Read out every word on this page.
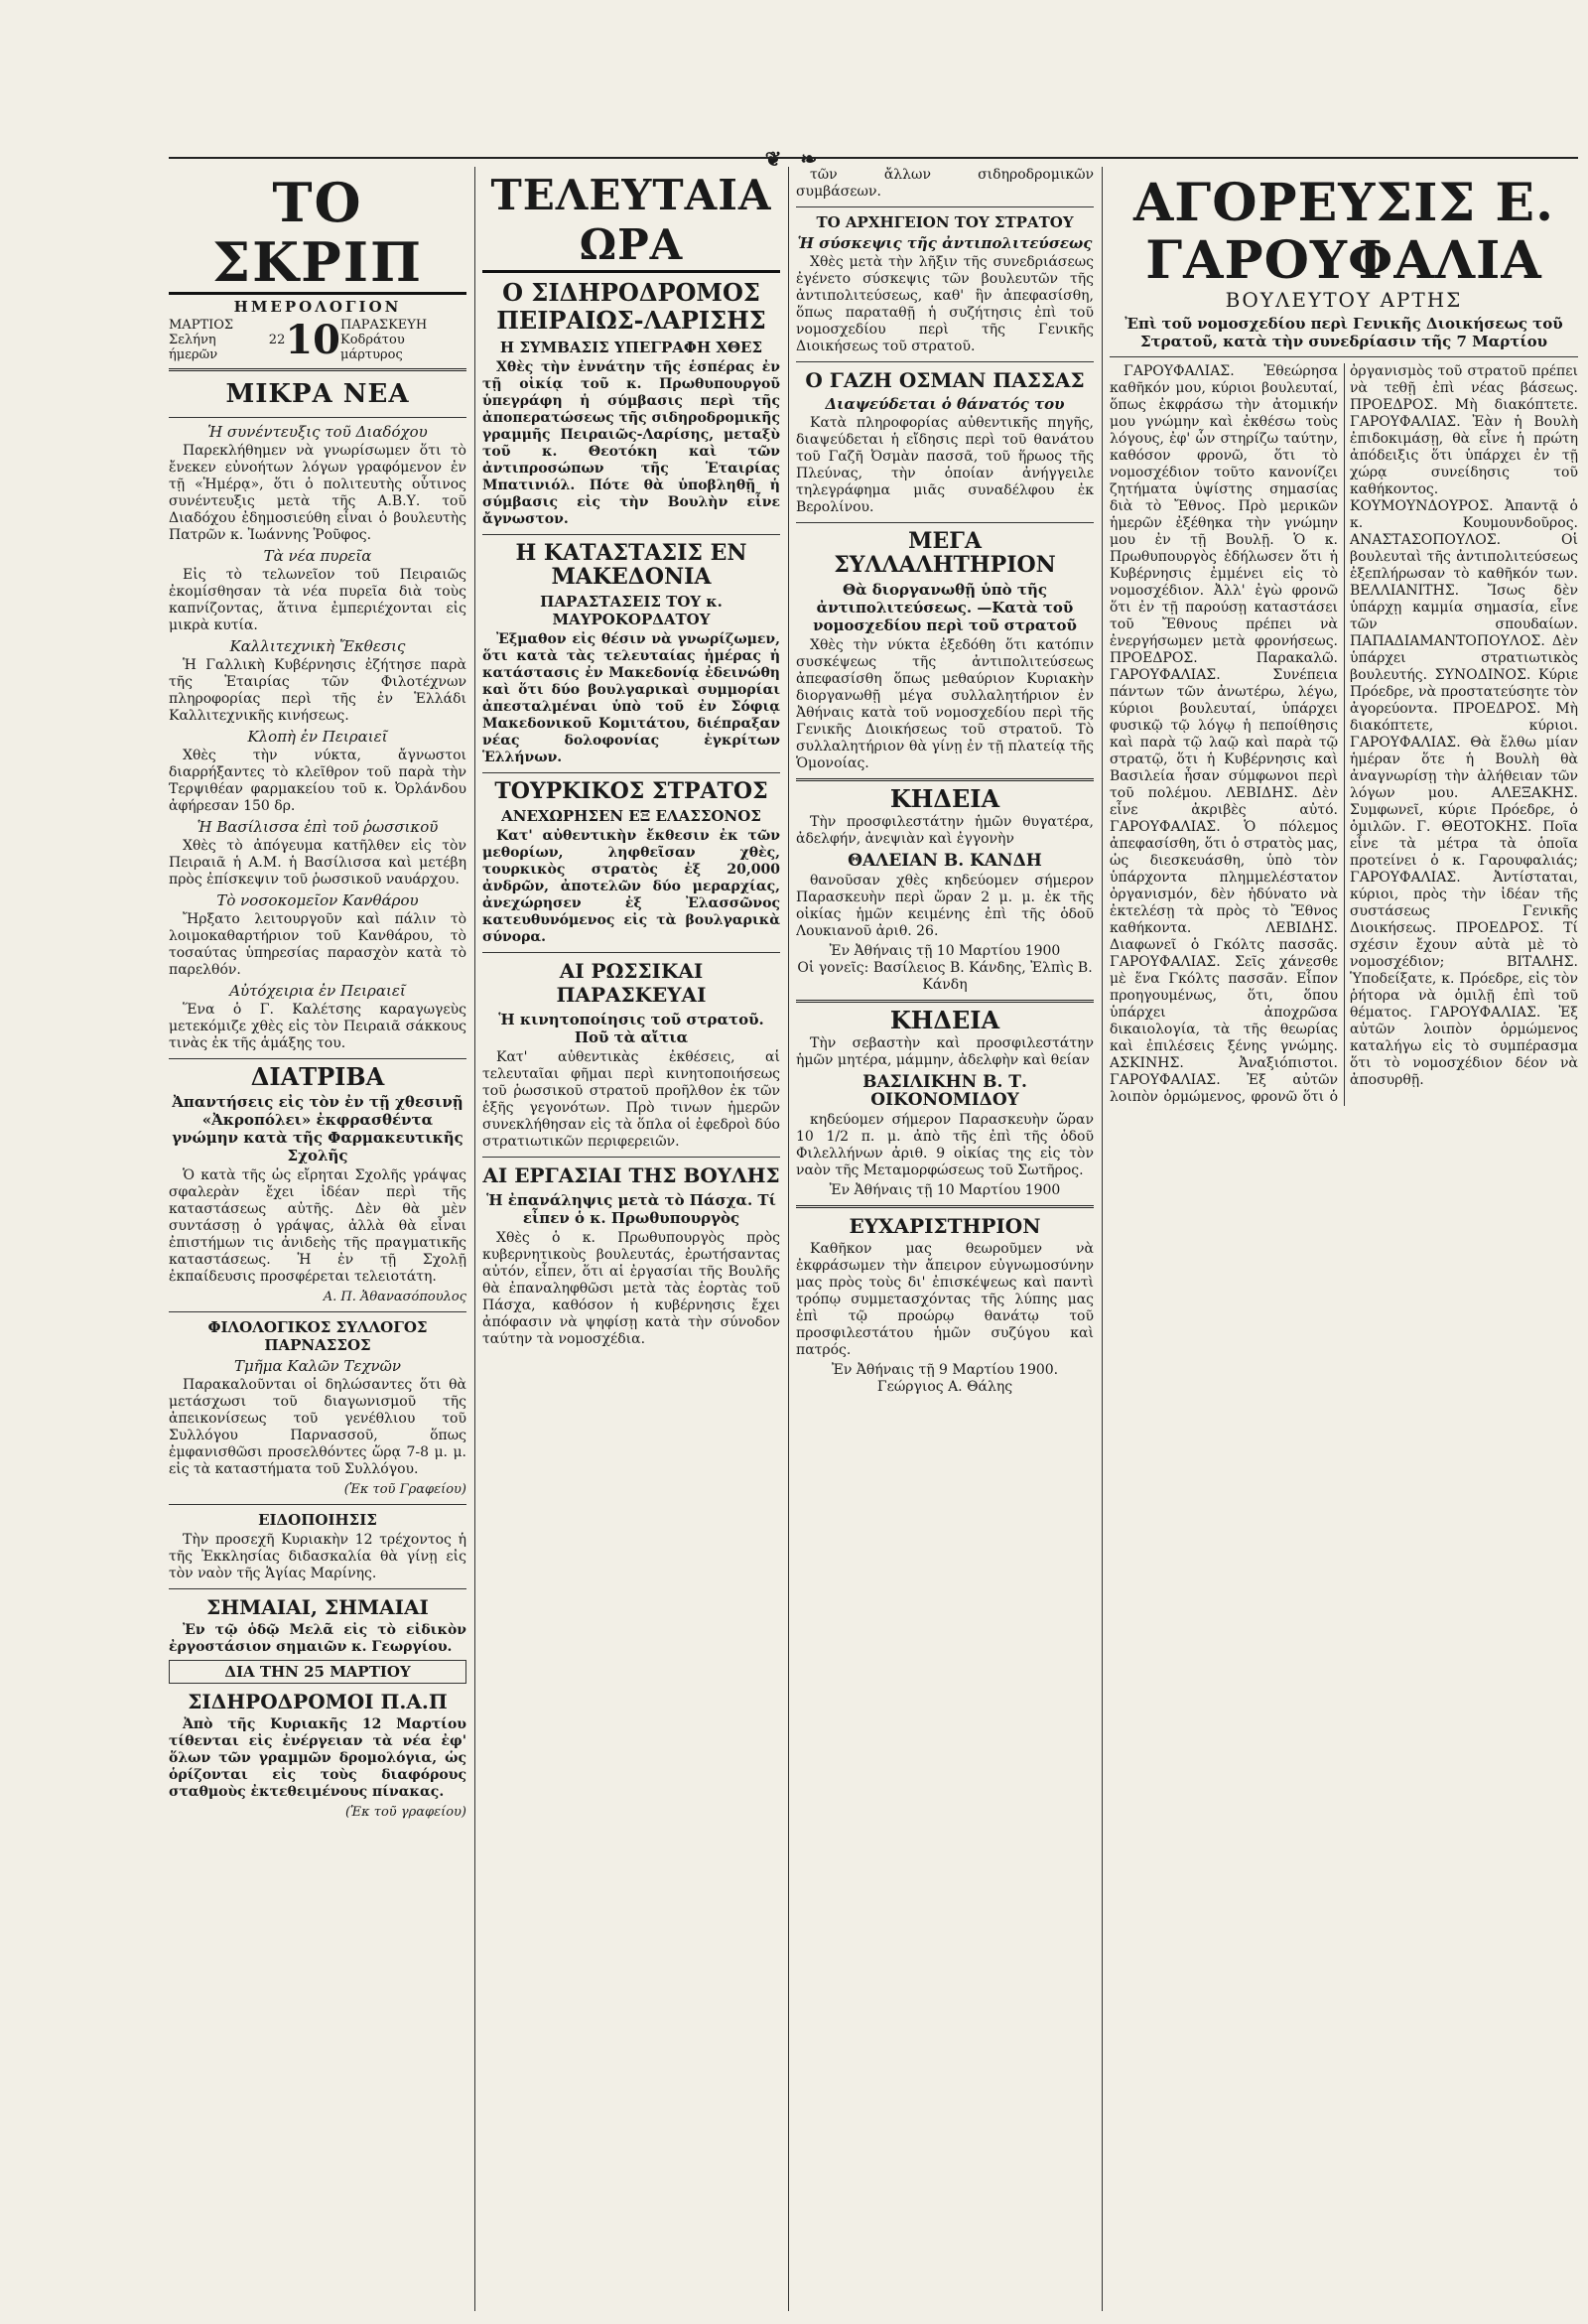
❦ ❧
ΤΟ ΣΚΡΙΠ
ΗΜΕΡΟΛΟΓΙΟΝ
ΜΑΡΤΙΟΣ
Σελήνη 22 ήμερῶν	10 ΠΑΡΑΣΚΕΥΗ
Κοδράτου μάρτυρος
ΜΙΚΡΑ ΝΕΑ
Ἡ συνέντευξις τοῦ Διαδόχου

Παρεκλήθημεν νὰ γνωρίσωμεν ὅτι τὸ ἔνεκεν εὐνοήτων λόγων γραφόμενον ἐν τῇ «Ἡμέρᾳ», ὅτι ὁ πολιτευτὴς οὗτινος συνέντευξις μετὰ τῆς Α.Β.Υ. τοῦ Διαδόχου ἐδημοσιεύθη εἶναι ὁ βουλευτὴς Πατρῶν κ. Ἰωάννης Ῥοῦφος.

Τὰ νέα πυρεῖα

Εἰς τὸ τελωνεῖον τοῦ Πειραιῶς ἐκομίσθησαν τὰ νέα πυρεῖα διὰ τοὺς καπνίζοντας, ἅτινα ἐμπεριέχονται εἰς μικρὰ κυτία.

Καλλιτεχνικὴ Ἔκθεσις

Ἡ Γαλλικὴ Κυβέρνησις ἐζήτησε παρὰ τῆς Ἑταιρίας τῶν Φιλοτέχνων πληροφορίας περὶ τῆς ἐν Ἑλλάδι Καλλιτεχνικῆς κινήσεως.

Κλοπὴ ἐν Πειραιεῖ

Χθὲς τὴν νύκτα, ἄγνωστοι διαρρήξαντες τὸ κλεῖθρον τοῦ παρὰ τὴν Τερψιθέαν φαρμακείου τοῦ κ. Ὀρλάνδου ἀφήρεσαν 150 δρ.

Ἡ Βασίλισσα ἐπὶ τοῦ ῥωσσικοῦ

Χθὲς τὸ ἀπόγευμα κατῆλθεν εἰς τὸν Πειραιᾶ ἡ Α.Μ. ἡ Βασίλισσα καὶ μετέβη πρὸς ἐπίσκεψιν τοῦ ῥωσσικοῦ ναυάρχου.

Τὸ νοσοκομεῖον Κανθάρου

Ἤρξατο λειτουργοῦν καὶ πάλιν τὸ λοιμοκαθαρτήριον τοῦ Κανθάρου, τὸ τοσαύτας ὑπηρεσίας παρασχὸν κατὰ τὸ παρελθόν.

Αὐτόχειρια ἐν Πειραιεῖ

Ἕνα ὁ Γ. Καλέτσης καραγωγεὺς μετεκόμιζε χθὲς εἰς τὸν Πειραιᾶ σάκκους τινὰς ἐκ τῆς ἁμάξης του.

ΔΙΑΤΡΙΒΑ
Ἀπαντήσεις εἰς τὸν ἐν τῇ χθεσινῇ «Ἀκροπόλει» ἐκφρασθέντα γνώμην κατὰ τῆς Φαρμακευτικῆς Σχολῆς

Ὁ κατὰ τῆς ὡς εἴρηται Σχολῆς γράψας σφαλερὰν ἔχει ἰδέαν περὶ τῆς καταστάσεως αὐτῆς. Δὲν θὰ μὲν συντάσσῃ ὁ γράψας, ἀλλὰ θὰ εἶναι ἐπιστήμων τις ἀνιδεὴς τῆς πραγματικῆς καταστάσεως. Ἡ ἐν τῇ Σχολῇ ἐκπαίδευσις προσφέρεται τελειοτάτη.

Α. Π. Ἀθανασόπουλος
ΦΙΛΟΛΟΓΙΚΟΣ ΣΥΛΛΟΓΟΣ ΠΑΡΝΑΣΣΟΣ
Τμῆμα Καλῶν Τεχνῶν

Παρακαλοῦνται οἱ δηλώσαντες ὅτι θὰ μετάσχωσι τοῦ διαγωνισμοῦ τῆς ἀπεικονίσεως τοῦ γενέθλιου τοῦ Συλλόγου Παρνασσοῦ, ὅπως ἐμφανισθῶσι προσελθόντες ὥρᾳ 7-8 μ. μ. εἰς τὰ καταστήματα τοῦ Συλλόγου.

(Ἐκ τοῦ Γραφείου)
ΕΙΔΟΠΟΙΗΣΙΣ

Τὴν προσεχῆ Κυριακὴν 12 τρέχοντος ἡ τῆς Ἐκκλησίας διδασκαλία θὰ γίνῃ εἰς τὸν ναὸν τῆς Ἁγίας Μαρίνης.

ΣΗΜΑΙΑΙ, ΣΗΜΑΙΑΙ

Ἐν τῷ ὁδῷ Μελᾶ εἰς τὸ εἰδικὸν ἐργοστάσιον σημαιῶν κ. Γεωργίου.

ΔΙΑ ΤΗΝ 25 ΜΑΡΤΙΟΥ
ΣΙΔΗΡΟΔΡΟΜΟΙ Π.Α.Π

Ἀπὸ τῆς Κυριακῆς 12 Μαρτίου τίθενται εἰς ἐνέργειαν τὰ νέα ἐφ' ὅλων τῶν γραμμῶν δρομολόγια, ὡς ὁρίζονται εἰς τοὺς διαφόρους σταθμοὺς ἐκτεθειμένους πίνακας.

(Ἐκ τοῦ γραφείου)
ΤΕΛΕΥΤΑΙΑ ΩΡΑ
Ο ΣΙΔΗΡΟΔΡΟΜΟΣ ΠΕΙΡΑΙΩΣ-ΛΑΡΙΣΗΣ
Η ΣΥΜΒΑΣΙΣ ΥΠΕΓΡΑΦΗ ΧΘΕΣ

Χθὲς τὴν ἐννάτην τῆς ἑσπέρας ἐν τῇ οἰκίᾳ τοῦ κ. Πρωθυπουργοῦ ὑπεγράφη ἡ σύμβασις περὶ τῆς ἀποπερατώσεως τῆς σιδηροδρομικῆς γραμμῆς Πειραιῶς-Λαρίσης, μεταξὺ τοῦ κ. Θεοτόκη καὶ τῶν ἀντιπροσώπων τῆς Ἑταιρίας Μπατινιόλ. Πότε θὰ ὑποβληθῇ ἡ σύμβασις εἰς τὴν Βουλὴν εἶνε ἄγνωστον.

Η ΚΑΤΑΣΤΑΣΙΣ ΕΝ ΜΑΚΕΔΟΝΙΑ
ΠΑΡΑΣΤΑΣΕΙΣ ΤΟΥ κ. ΜΑΥΡΟΚΟΡΔΑΤΟΥ

Ἐξμαθον εἰς θέσιν νὰ γνωρίζωμεν, ὅτι κατὰ τὰς τελευταίας ἡμέρας ἡ κατάστασις ἐν Μακεδονίᾳ ἐδεινώθη καὶ ὅτι δύο βουλγαρικαὶ συμμορίαι ἀπεσταλμέναι ὑπὸ τοῦ ἐν Σόφιᾳ Μακεδονικοῦ Κομιτάτου, διέπραξαν νέας δολοφονίας ἐγκρίτων Ἑλλήνων.

ΤΟΥΡΚΙΚΟΣ ΣΤΡΑΤΟΣ
ΑΝΕΧΩΡΗΣΕΝ ΕΞ ΕΛΑΣΣΟΝΟΣ

Κατ' αὐθεντικὴν ἔκθεσιν ἐκ τῶν μεθορίων, ληφθεῖσαν χθὲς, τουρκικὸς στρατὸς ἐξ 20,000 ἀνδρῶν, ἀποτελῶν δύο μεραρχίας, ἀνεχώρησεν ἐξ Ἐλασσῶνος κατευθυνόμενος εἰς τὰ βουλγαρικὰ σύνορα.

ΑΙ ΡΩΣΣΙΚΑΙ ΠΑΡΑΣΚΕΥΑΙ
Ἡ κινητοποίησις τοῦ στρατοῦ. Ποῦ τὰ αἴτια

Κατ' αὐθεντικὰς ἐκθέσεις, αἱ τελευταῖαι φῆμαι περὶ κινητοποιήσεως τοῦ ῥωσσικοῦ στρατοῦ προῆλθον ἐκ τῶν ἑξῆς γεγονότων. Πρὸ τινων ἡμερῶν συνεκλήθησαν εἰς τὰ ὅπλα οἱ ἐφεδροὶ δύο στρατιωτικῶν περιφερειῶν.

ΑΙ ΕΡΓΑΣΙΑΙ ΤΗΣ ΒΟΥΛΗΣ
Ἡ ἐπανάληψις μετὰ τὸ Πάσχα. Τί εἶπεν ὁ κ. Πρωθυπουργὸς

Χθὲς ὁ κ. Πρωθυπουργὸς πρὸς κυβερνητικοὺς βουλευτάς, ἐρωτήσαντας αὐτόν, εἶπεν, ὅτι αἱ ἐργασίαι τῆς Βουλῆς θὰ ἐπαναληφθῶσι μετὰ τὰς ἑορτὰς τοῦ Πάσχα, καθόσον ἡ κυβέρνησις ἔχει ἀπόφασιν νὰ ψηφίσῃ κατὰ τὴν σύνοδον ταύτην τὰ νομοσχέδια.

τῶν ἄλλων σιδηροδρομικῶν συμβάσεων.

ΤΟ ΑΡΧΗΓΕΙΟΝ ΤΟΥ ΣΤΡΑΤΟΥ
Ἡ σύσκεψις τῆς ἀντιπολιτεύσεως

Χθὲς μετὰ τὴν λῆξιν τῆς συνεδριάσεως ἐγένετο σύσκεψις τῶν βουλευτῶν τῆς ἀντιπολιτεύσεως, καθ' ἣν ἀπεφασίσθη, ὅπως παραταθῇ ἡ συζήτησις ἐπὶ τοῦ νομοσχεδίου περὶ τῆς Γενικῆς Διοικήσεως τοῦ στρατοῦ.

Ο ΓΑΖΗ ΟΣΜΑΝ ΠΑΣΣΑΣ
Διαψεύδεται ὁ θάνατός του

Κατὰ πληροφορίας αὐθεντικῆς πηγῆς, διαψεύδεται ἡ εἴδησις περὶ τοῦ θανάτου τοῦ Γαζῆ Ὀσμὰν πασσᾶ, τοῦ ἥρωος τῆς Πλεύνας, τὴν ὁποίαν ἀνήγγειλε τηλεγράφημα μιᾶς συναδέλφου ἐκ Βερολίνου.

ΜΕΓΑ ΣΥΛΛΑΛΗΤΗΡΙΟΝ
Θὰ διοργανωθῇ ὑπὸ τῆς ἀντιπολιτεύσεως. —Κατὰ τοῦ νομοσχεδίου περὶ τοῦ στρατοῦ

Χθὲς τὴν νύκτα ἐξεδόθη ὅτι κατόπιν συσκέψεως τῆς ἀντιπολιτεύσεως ἀπεφασίσθη ὅπως μεθαύριον Κυριακὴν διοργανωθῇ μέγα συλλαλητήριον ἐν Ἀθήναις κατὰ τοῦ νομοσχεδίου περὶ τῆς Γενικῆς Διοικήσεως τοῦ στρατοῦ. Τὸ συλλαλητήριον θὰ γίνῃ ἐν τῇ πλατείᾳ τῆς Ὁμονοίας.

ΚΗΔΕΙΑ

Τὴν προσφιλεστάτην ἡμῶν θυγατέρα, ἀδελφήν, ἀνεψιὰν καὶ ἐγγονὴν

ΘΑΛΕΙΑΝ Β. ΚΑΝΔΗ

θανοῦσαν χθὲς κηδεύομεν σήμερον Παρασκευὴν περὶ ὥραν 2 μ. μ. ἐκ τῆς οἰκίας ἡμῶν κειμένης ἐπὶ τῆς ὁδοῦ Λουκιανοῦ ἀριθ. 26.

Ἐν Ἀθήναις τῇ 10 Μαρτίου 1900
Οἱ γονεῖς: Βασίλειος Β. Κάνδης, Ἐλπὶς Β. Κάνδη
ΚΗΔΕΙΑ

Τὴν σεβαστὴν καὶ προσφιλεστάτην ἡμῶν μητέρα, μάμμην, ἀδελφὴν καὶ θείαν

ΒΑΣΙΛΙΚΗΝ Β. Τ. ΟΙΚΟΝΟΜΙΔΟΥ

κηδεύομεν σήμερον Παρασκευὴν ὥραν 10 1/2 π. μ. ἀπὸ τῆς ἐπὶ τῆς ὁδοῦ Φιλελλήνων ἀριθ. 9 οἰκίας της εἰς τὸν ναὸν τῆς Μεταμορφώσεως τοῦ Σωτῆρος.

Ἐν Ἀθήναις τῇ 10 Μαρτίου 1900
ΕΥΧΑΡΙΣΤΗΡΙΟΝ

Καθῆκον μας θεωροῦμεν νὰ ἐκφράσωμεν τὴν ἄπειρον εὐγνωμοσύνην μας πρὸς τοὺς δι' ἐπισκέψεως καὶ παντὶ τρόπῳ συμμετασχόντας τῆς λύπης μας ἐπὶ τῷ προώρῳ θανάτῳ τοῦ προσφιλεστάτου ἡμῶν συζύγου καὶ πατρός.

Ἐν Ἀθήναις τῇ 9 Μαρτίου 1900.
Γεώργιος Α. Θάλης
ΑΓΟΡΕΥΣΙΣ Ε. ΓΑΡΟΥΦΑΛΙΑ
ΒΟΥΛΕΥΤΟΥ ΑΡΤΗΣ
Ἐπὶ τοῦ νομοσχεδίου περὶ Γενικῆς Διοικήσεως τοῦ Στρατοῦ, κατὰ τὴν συνεδρίασιν τῆς 7 Μαρτίου

ΓΑΡΟΥΦΑΛΙΑΣ. Ἐθεώρησα καθῆκόν μου, κύριοι βουλευταί, ὅπως ἐκφράσω τὴν ἀτομικήν μου γνώμην καὶ ἐκθέσω τοὺς λόγους, ἐφ' ὧν στηρίζω ταύτην, καθόσον φρονῶ, ὅτι τὸ νομοσχέδιον τοῦτο κανονίζει ζητήματα ὑψίστης σημασίας διὰ τὸ Ἔθνος. Πρὸ μερικῶν ἡμερῶν ἐξέθηκα τὴν γνώμην μου ἐν τῇ Βουλῇ. Ὁ κ. Πρωθυπουργὸς ἐδήλωσεν ὅτι ἡ Κυβέρνησις ἐμμένει εἰς τὸ νομοσχέδιον. Ἀλλ' ἐγὼ φρονῶ ὅτι ἐν τῇ παρούσῃ καταστάσει τοῦ Ἔθνους πρέπει νὰ ἐνεργήσωμεν μετὰ φρονήσεως. ΠΡΟΕΔΡΟΣ. Παρακαλῶ. ΓΑΡΟΥΦΑΛΙΑΣ. Συνέπεια πάντων τῶν ἀνωτέρω, λέγω, κύριοι βουλευταί, ὑπάρχει φυσικῷ τῷ λόγῳ ἡ πεποίθησις καὶ παρὰ τῷ λαῷ καὶ παρὰ τῷ στρατῷ, ὅτι ἡ Κυβέρνησις καὶ Βασιλεία ἦσαν σύμφωνοι περὶ τοῦ πολέμου. ΛΕΒΙΔΗΣ. Δὲν εἶνε ἀκριβὲς αὐτό. ΓΑΡΟΥΦΑΛΙΑΣ. Ὁ πόλεμος ἀπεφασίσθη, ὅτι ὁ στρατὸς μας, ὡς διεσκευάσθη, ὑπὸ τὸν ὑπάρχοντα πλημμελέστατον ὀργανισμόν, δὲν ἠδύνατο νὰ ἐκτελέσῃ τὰ πρὸς τὸ Ἔθνος καθήκοντα. ΛΕΒΙΔΗΣ. Διαφωνεῖ ὁ Γκόλτς πασσᾶς. ΓΑΡΟΥΦΑΛΙΑΣ. Σεῖς χάνεσθε μὲ ἕνα Γκόλτς πασσᾶν. Εἶπον προηγουμένως, ὅτι, ὅπου ὑπάρχει ἀποχρῶσα δικαιολογία, τὰ τῆς θεωρίας καὶ ἐπιλέσεις ξένης γνώμης. ΑΣΚΙΝΗΣ. Ἀναξιόπιστοι. ΓΑΡΟΥΦΑΛΙΑΣ. Ἐξ αὐτῶν λοιπὸν ὁρμώμενος, φρονῶ ὅτι ὁ ὀργανισμὸς τοῦ στρατοῦ πρέπει νὰ τεθῇ ἐπὶ νέας βάσεως. ΠΡΟΕΔΡΟΣ. Μὴ διακόπτετε. ΓΑΡΟΥΦΑΛΙΑΣ. Ἐὰν ἡ Βουλὴ ἐπιδοκιμάσῃ, θὰ εἶνε ἡ πρώτη ἀπόδειξις ὅτι ὑπάρχει ἐν τῇ χώρᾳ συνείδησις τοῦ καθήκοντος. ΚΟΥΜΟΥΝΔΟΥΡΟΣ. Ἀπαντᾷ ὁ κ. Κουμουνδοῦρος. ΑΝΑΣΤΑΣΟΠΟΥΛΟΣ. Οἱ βουλευταὶ τῆς ἀντιπολιτεύσεως ἐξεπλήρωσαν τὸ καθῆκόν των. ΒΕΛΛΙΑΝΙΤΗΣ. Ἴσως δὲν ὑπάρχῃ καμμία σημασία, εἶνε τῶν σπουδαίων. ΠΑΠΑΔΙΑΜΑΝΤΟΠΟΥΛΟΣ. Δὲν ὑπάρχει στρατιωτικὸς βουλευτής. ΣΥΝΟΔΙΝΟΣ. Κύριε Πρόεδρε, νὰ προστατεύσητε τὸν ἀγορεύοντα. ΠΡΟΕΔΡΟΣ. Μὴ διακόπτετε, κύριοι. ΓΑΡΟΥΦΑΛΙΑΣ. Θὰ ἔλθω μίαν ἡμέραν ὅτε ἡ Βουλὴ θὰ ἀναγνωρίσῃ τὴν ἀλήθειαν τῶν λόγων μου. ΑΛΕΞΑΚΗΣ. Συμφωνεῖ, κύριε Πρόεδρε, ὁ ὁμιλῶν. Γ. ΘΕΟΤΟΚΗΣ. Ποῖα εἶνε τὰ μέτρα τὰ ὁποῖα προτείνει ὁ κ. Γαρουφαλιάς; ΓΑΡΟΥΦΑΛΙΑΣ. Ἀντίσταται, κύριοι, πρὸς τὴν ἰδέαν τῆς συστάσεως Γενικῆς Διοικήσεως. ΠΡΟΕΔΡΟΣ. Τί σχέσιν ἔχουν αὐτὰ μὲ τὸ νομοσχέδιον; ΒΙΤΑΛΗΣ. Ὑποδείξατε, κ. Πρόεδρε, εἰς τὸν ῥήτορα νὰ ὁμιλῇ ἐπὶ τοῦ θέματος. ΓΑΡΟΥΦΑΛΙΑΣ. Ἐξ αὐτῶν λοιπὸν ὁρμώμενος καταλήγω εἰς τὸ συμπέρασμα ὅτι τὸ νομοσχέδιον δέον νὰ ἀποσυρθῇ.
